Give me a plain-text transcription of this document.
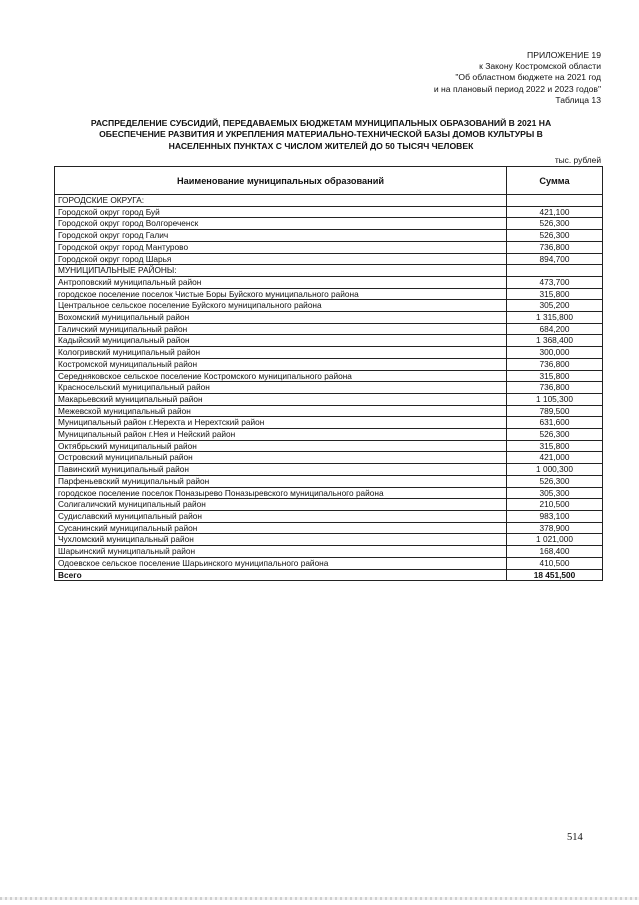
ПРИЛОЖЕНИЕ 19
к Закону Костромской области
"Об областном бюджете на 2021 год
и на плановый период 2022 и 2023 годов"
Таблица 13
РАСПРЕДЕЛЕНИЕ СУБСИДИЙ, ПЕРЕДАВАЕМЫХ БЮДЖЕТАМ МУНИЦИПАЛЬНЫХ ОБРАЗОВАНИЙ В 2021 НА
ОБЕСПЕЧЕНИЕ РАЗВИТИЯ И УКРЕПЛЕНИЯ МАТЕРИАЛЬНО-ТЕХНИЧЕСКОЙ БАЗЫ ДОМОВ КУЛЬТУРЫ В
НАСЕЛЕННЫХ ПУНКТАХ С ЧИСЛОМ ЖИТЕЛЕЙ ДО 50 ТЫСЯЧ ЧЕЛОВЕК
тыс. рублей
Наименование муниципальных образований	Сумма
ГОРОДСКИЕ ОКРУГА:	
Городской округ город Буй	421,100
Городской округ город Волгореченск	526,300
Городской округ город Галич	526,300
Городской округ город Мантурово	736,800
Городской округ город Шарья	894,700
МУНИЦИПАЛЬНЫЕ РАЙОНЫ:	
Антроповский муниципальный район	473,700
городское поселение поселок Чистые Боры Буйского муниципального района	315,800
Центральное сельское поселение Буйского муниципального района	305,200
Вохомский муниципальный район	1 315,800
Галичский муниципальный район	684,200
Кадыйский муниципальный район	1 368,400
Кологривский муниципальный район	300,000
Костромской муниципальный район	736,800
Середняковское сельское поселение Костромского муниципального района	315,800
Красносельский муниципальный район	736,800
Макарьевский муниципальный район	1 105,300
Межевской муниципальный район	789,500
Муниципальный район г.Нерехта и Нерехтский район	631,600
Муниципальный район г.Нея и Нейский район	526,300
Октябрьский муниципальный район	315,800
Островский муниципальный район	421,000
Павинский муниципальный район	1 000,300
Парфеньевский муниципальный район	526,300
городское поселение поселок Поназырево Поназыревского муниципального района	305,300
Солигаличский муниципальный район	210,500
Судиславский муниципальный район	983,100
Сусанинский муниципальный район	378,900
Чухломский муниципальный район	1 021,000
Шарьинский муниципальный район	168,400
Одоевское сельское поселение Шарьинского муниципального района	410,500
Всего	18 451,500
514
